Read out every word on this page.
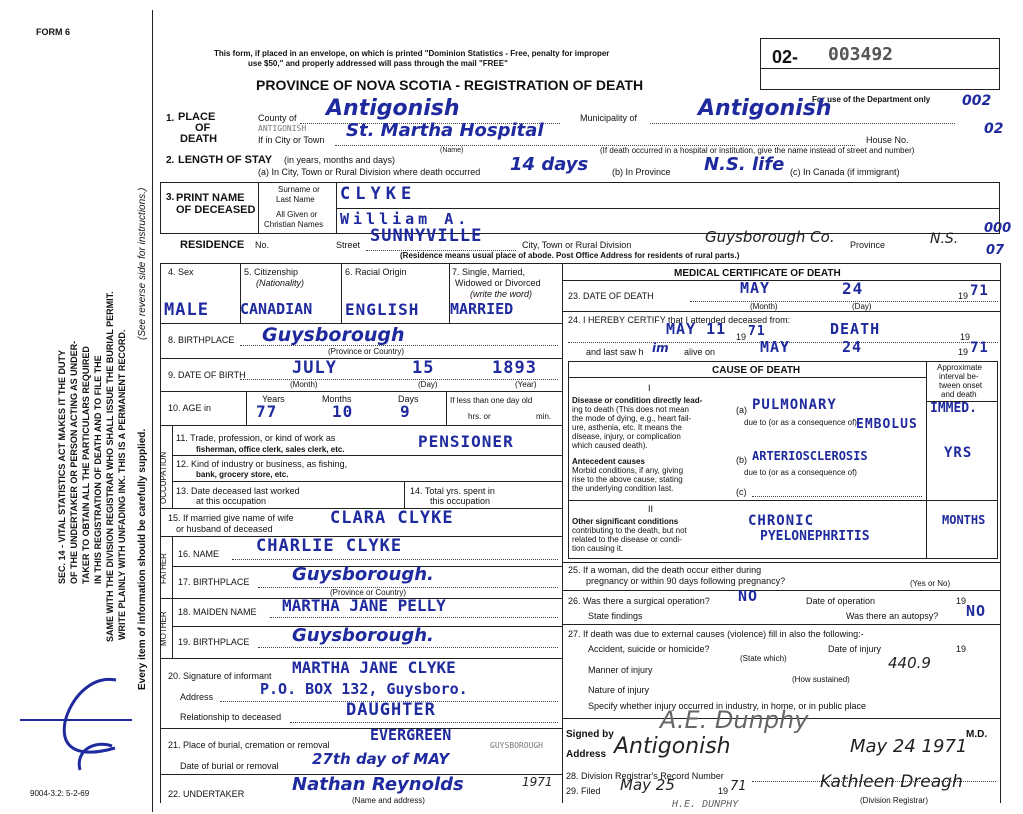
FORM 6
This form, if placed in an envelope, on which is printed "Dominion Statistics - Free, penalty for improper
use $50," and properly addressed will pass through the mail "FREE"
PROVINCE OF NOVA SCOTIA - REGISTRATION OF DEATH
02- 003492
For use of the Department only 002
02
000
07
SEC. 14 - VITAL STATISTICS ACT MAKES IT THE DUTY OF THE UNDERTAKER OR PERSON ACTING AS UNDER- TAKER TO OBTAIN ALL THE PARTICULARS REQUIRED IN THIS REGISTRATION OF DEATH AND TO FILE THE SAME WITH THE DIVISION REGISTRAR WHO SHALL ISSUE THE BURIAL PERMIT. WRITE PLAINLY WITH UNFADING INK. THIS IS A PERMANENT RECORD. Every item of information should be carefully supplied.
(See reverse side for instructions.)
9004-3.2: 5-2-69
1. PLACE
OF
DEATH
County of Antigonish	Municipality of	Antigonish
ANTIGONISH
If in City or Town St. Martha Hospital
(Name)
House No.
(If death occurred in a hospital or institution, give the name instead of street and number)
2. LENGTH OF STAY (in years, months and days)
(a) In City, Town or Rural Division where death occurred 14 days	(b) In Province N.S. life (c) In Canada (if immigrant)
3. PRINT NAME
OF DECEASED
Surname or
Last Name
All Given or
Christian Names
CLYKE
William A.
RESIDENCE No.	Street SUNNYVILLE	City, Town or Rural Division	Guysborough Co. Province	N.S.
(Residence means usual place of abode. Post Office Address for residents of rural parts.)
4. Sex	5. Citizenship
(Nationality)
6. Racial Origin	7. Single, Married,
Widowed or Divorced
(write the word)
MALE CANADIAN ENGLISH MARRIED
8. BIRTHPLACE Guysborough
(Province or Country)
9. DATE OF BIRTH	JULY	15	1893
(Month)	(Day)	(Year)
10. AGE in
Years	Months	Days
77	10	9
If less than one day old
hrs. or	min.
OCCUPATION
11. Trade, profession, or kind of work as
fisherman, office clerk, sales clerk, etc.	PENSIONER
12. Kind of industry or business, as fishing,
bank, grocery store, etc.
13. Date deceased last worked
at this occupation
14. Total yrs. spent in
this occupation
15. If married give name of wife
or husband of deceased
CLARA CLYKE
FATHER 16. NAME CHARLIE CLYKE
17. BIRTHPLACE Guysborough.
(Province or Country)
MOTHER 18. MAIDEN NAME MARTHA JANE PELLY
19. BIRTHPLACE Guysborough.
20. Signature of informant MARTHA JANE CLYKE
Address	P.O. BOX 132, Guysboro.
Relationship to deceased	DAUGHTER
21. Place of burial, cremation or removal
EVERGREEN
GUYSBOROUGH
Date of burial or removal 27th day of MAY
22. UNDERTAKER	Nathan Reynolds	1971
(Name and address)
MEDICAL CERTIFICATE OF DEATH
23. DATE OF DEATH	MAY	24	19 71
(Month)	(Day)
24. I HEREBY CERTIFY that I attended deceased from:
MAY 11 19 71	DEATH	19
and last saw h im alive on	MAY	24	19 71
CAUSE OF DEATH	Approximate
interval be-
tween onset
and death
I
Disease or condition directly lead-
ing to death (This does not mean
the mode of dying, e.g., heart fail-
ure, asthenia, etc. It means the
disease, injury, or complication
which caused death).
(a) PULMONARY
due to (or as a consequence of) EMBOLUS
IMMED.
Antecedent causes
Morbid conditions, if any, giving
rise to the above cause, stating
the underlying condition last.
(b) ARTERIOSCLEROSIS
due to (or as a consequence of)
YRS
(c)
II
Other significant conditions
contributing to the death, but not
related to the disease or condi-
tion causing it.
CHRONIC
PYELONEPHRITIS
MONTHS
25. If a woman, did the death occur either during
pregnancy or within 90 days following pregnancy?	(Yes or No)
26. Was there a surgical operation? NO	Date of operation	19
State findings	Was there an autopsy? NO
27. If death was due to external causes (violence) fill in also the following:-
Accident, suicide or homicide?	Date of injury	19
(State which)
Manner of injury	440.9
(How sustained)
Nature of injury
Specify whether injury occurred in industry, in home, or in public place
Signed by
A.E. Dunphy
M.D.
Address Antigonish	May 24 1971
28. Division Registrar's Record Number
29. Filed May 25	19 71	Kathleen Dreagh
(Division Registrar)
H.E. DUNPHY
